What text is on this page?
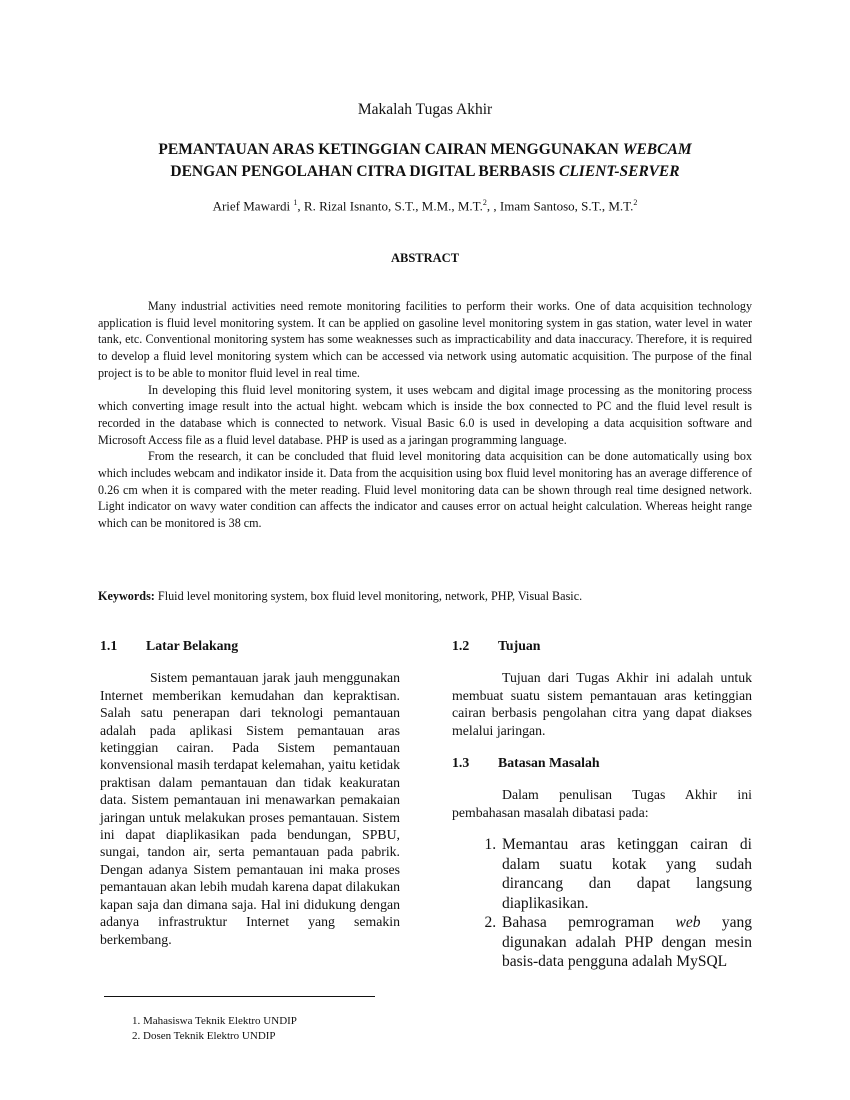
Makalah Tugas Akhir
PEMANTAUAN ARAS KETINGGIAN CAIRAN MENGGUNAKAN WEBCAM
DENGAN PENGOLAHAN CITRA DIGITAL BERBASIS CLIENT-SERVER
Arief Mawardi $^1$, R. Rizal Isnanto, S.T., M.M., M.T.$^2$, , Imam Santoso, S.T., M.T.$^2$
ABSTRACT

Many industrial activities need remote monitoring facilities to perform their works. One of data acquisition technology application is fluid level monitoring system. It can be applied on gasoline level monitoring system in gas station, water level in water tank, etc. Conventional monitoring system has some weaknesses such as impracticability and data inaccuracy. Therefore, it is required to develop a fluid level monitoring system which can be accessed via network using automatic acquisition. The purpose of the final project is to be able to monitor fluid level in real time.

In developing this fluid level monitoring system, it uses webcam and digital image processing as the monitoring process which converting image result into the actual hight. webcam which is inside the box connected to PC and the fluid level result is recorded in the database which is connected to network. Visual Basic 6.0 is used in developing a data acquisition software and Microsoft Access file as a fluid level database. PHP is used as a jaringan programming language.

From the research, it can be concluded that fluid level monitoring data acquisition can be done automatically using box which includes webcam and indikator inside it. Data from the acquisition using box fluid level monitoring has an average difference of 0.26 cm when it is compared with the meter reading. Fluid level monitoring data can be shown through real time designed network. Light indicator on wavy water condition can affects the indicator and causes error on actual height calculation. Whereas height range which can be monitored is 38 cm.

Keywords: Fluid level monitoring system, box fluid level monitoring, network, PHP, Visual Basic.
1.1 Latar Belakang

Sistem pemantauan jarak jauh menggunakan Internet memberikan kemudahan dan kepraktisan. Salah satu penerapan dari teknologi pemantauan adalah pada aplikasi Sistem pemantauan aras ketinggian cairan. Pada Sistem pemantauan konvensional masih terdapat kelemahan, yaitu ketidak praktisan dalam pemantauan dan tidak keakuratan data. Sistem pemantauan ini menawarkan pemakaian jaringan untuk melakukan proses pemantauan. Sistem ini dapat diaplikasikan pada bendungan, SPBU, sungai, tandon air, serta pemantauan pada pabrik. Dengan adanya Sistem pemantauan ini maka proses pemantauan akan lebih mudah karena dapat dilakukan kapan saja dan dimana saja. Hal ini didukung dengan adanya infrastruktur Internet yang semakin berkembang.

1.2 Tujuan

Tujuan dari Tugas Akhir ini adalah untuk membuat suatu sistem pemantauan aras ketinggian cairan berbasis pengolahan citra yang dapat diakses melalui jaringan.

1.3 Batasan Masalah

Dalam penulisan Tugas Akhir ini pembahasan masalah dibatasi pada:

1. Memantau aras ketinggan cairan di dalam suatu kotak yang sudah dirancang dan dapat langsung diaplikasikan.
2. Bahasa pemrograman web yang digunakan adalah PHP dengan mesin basis-data pengguna adalah MySQL
1. Mahasiswa Teknik Elektro UNDIP
2. Dosen Teknik Elektro UNDIP
